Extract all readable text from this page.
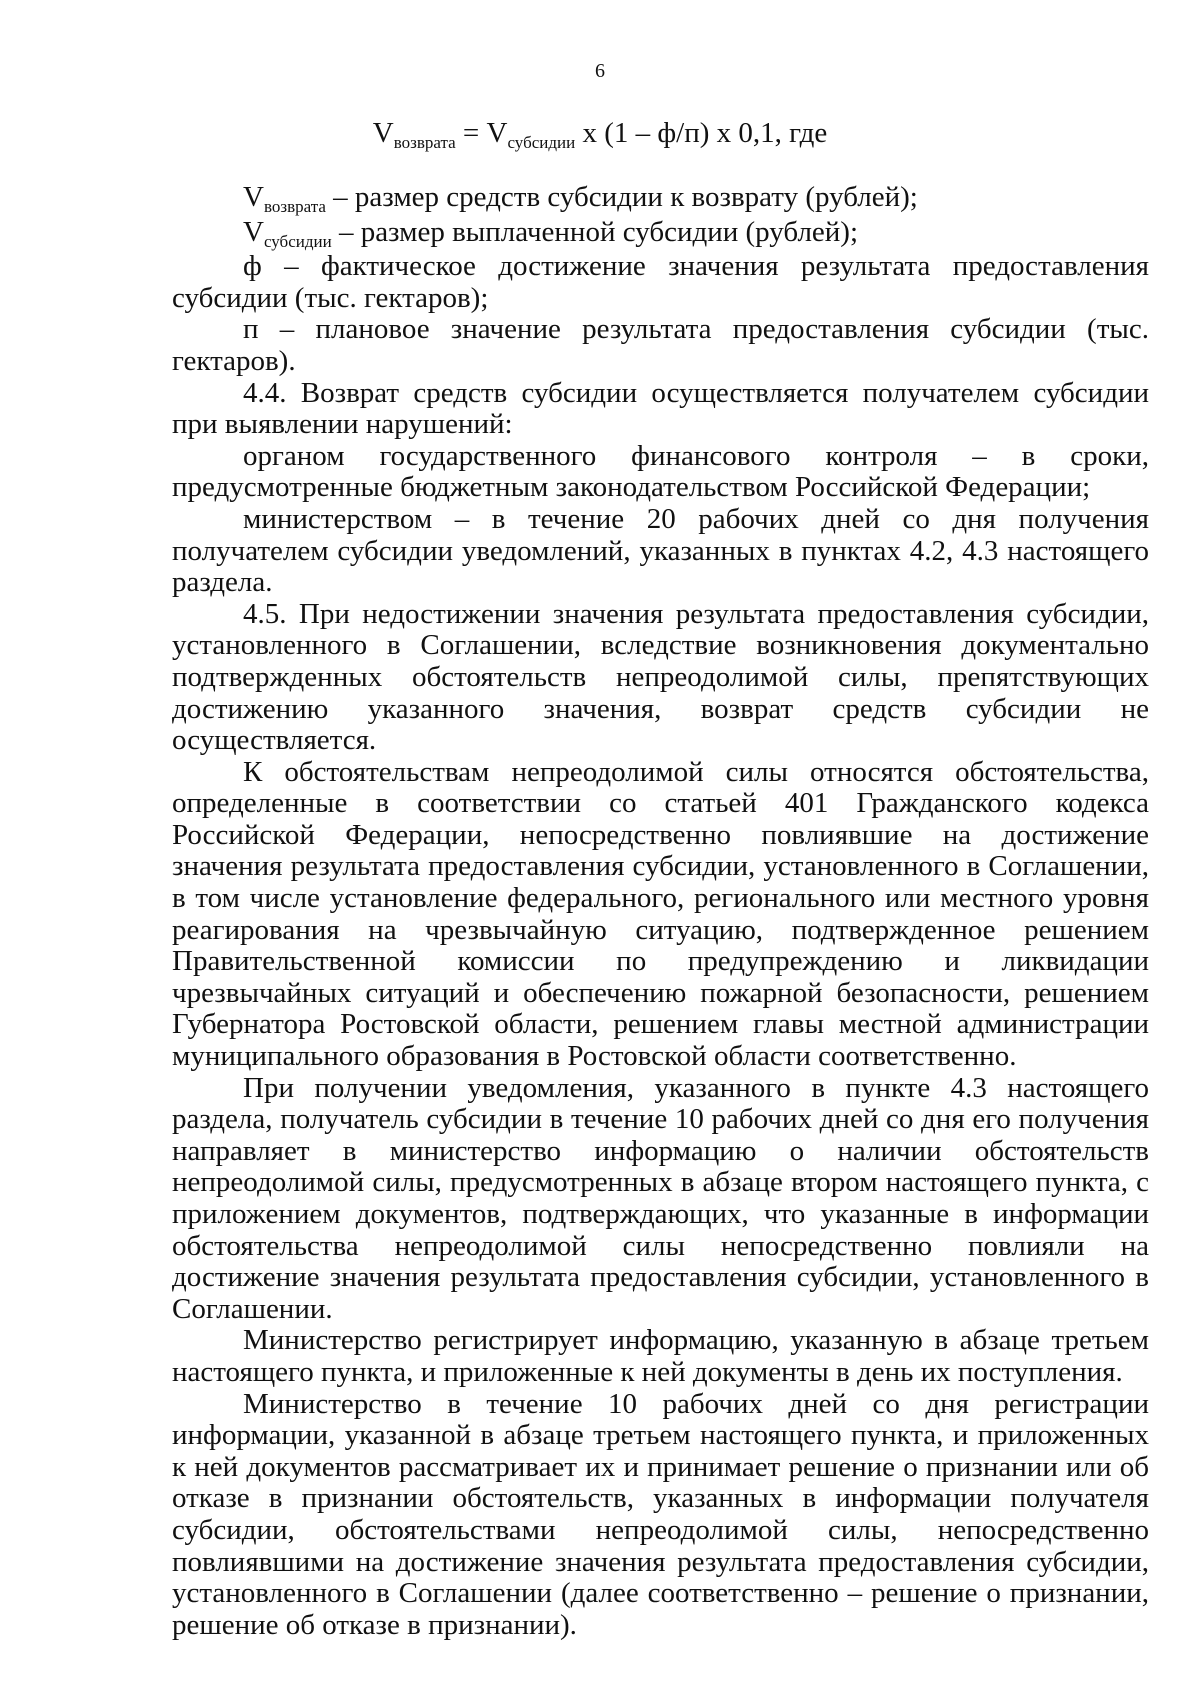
6
$V_{возврата} = V_{субсидии}$ x (1 – ф/п) x 0,1, где

$V_{возврата}$ – размер средств субсидии к возврату (рублей);

$V_{субсидии}$ – размер выплаченной субсидии (рублей);

ф – фактическое достижение значения результата предоставления субсидии (тыс. гектаров);

п – плановое значение результата предоставления субсидии (тыс. гектаров).

4.4. Возврат средств субсидии осуществляется получателем субсидии при выявлении нарушений:

органом государственного финансового контроля – в сроки, предусмотренные бюджетным законодательством Российской Федерации;

министерством – в течение 20 рабочих дней со дня получения получателем субсидии уведомлений, указанных в пунктах 4.2, 4.3 настоящего раздела.

4.5. При недостижении значения результата предоставления субсидии, установленного в Соглашении, вследствие возникновения документально подтвержденных обстоятельств непреодолимой силы, препятствующих достижению указанного значения, возврат средств субсидии не осуществляется.

К обстоятельствам непреодолимой силы относятся обстоятельства, определенные в соответствии со статьей 401 Гражданского кодекса Российской Федерации, непосредственно повлиявшие на достижение значения результата предоставления субсидии, установленного в Соглашении, в том числе установление федерального, регионального или местного уровня реагирования на чрезвычайную ситуацию, подтвержденное решением Правительственной комиссии по предупреждению и ликвидации чрезвычайных ситуаций и обеспечению пожарной безопасности, решением Губернатора Ростовской области, решением главы местной администрации муниципального образования в Ростовской области соответственно.

При получении уведомления, указанного в пункте 4.3 настоящего раздела, получатель субсидии в течение 10 рабочих дней со дня его получения направляет в министерство информацию о наличии обстоятельств непреодолимой силы, предусмотренных в абзаце втором настоящего пункта, с приложением документов, подтверждающих, что указанные в информации обстоятельства непреодолимой силы непосредственно повлияли на достижение значения результата предоставления субсидии, установленного в Соглашении.

Министерство регистрирует информацию, указанную в абзаце третьем настоящего пункта, и приложенные к ней документы в день их поступления.

Министерство в течение 10 рабочих дней со дня регистрации информации, указанной в абзаце третьем настоящего пункта, и приложенных к ней документов рассматривает их и принимает решение о признании или об отказе в признании обстоятельств, указанных в информации получателя субсидии, обстоятельствами непреодолимой силы, непосредственно повлиявшими на достижение значения результата предоставления субсидии, установленного в Соглашении (далее соответственно – решение о признании, решение об отказе в признании).
